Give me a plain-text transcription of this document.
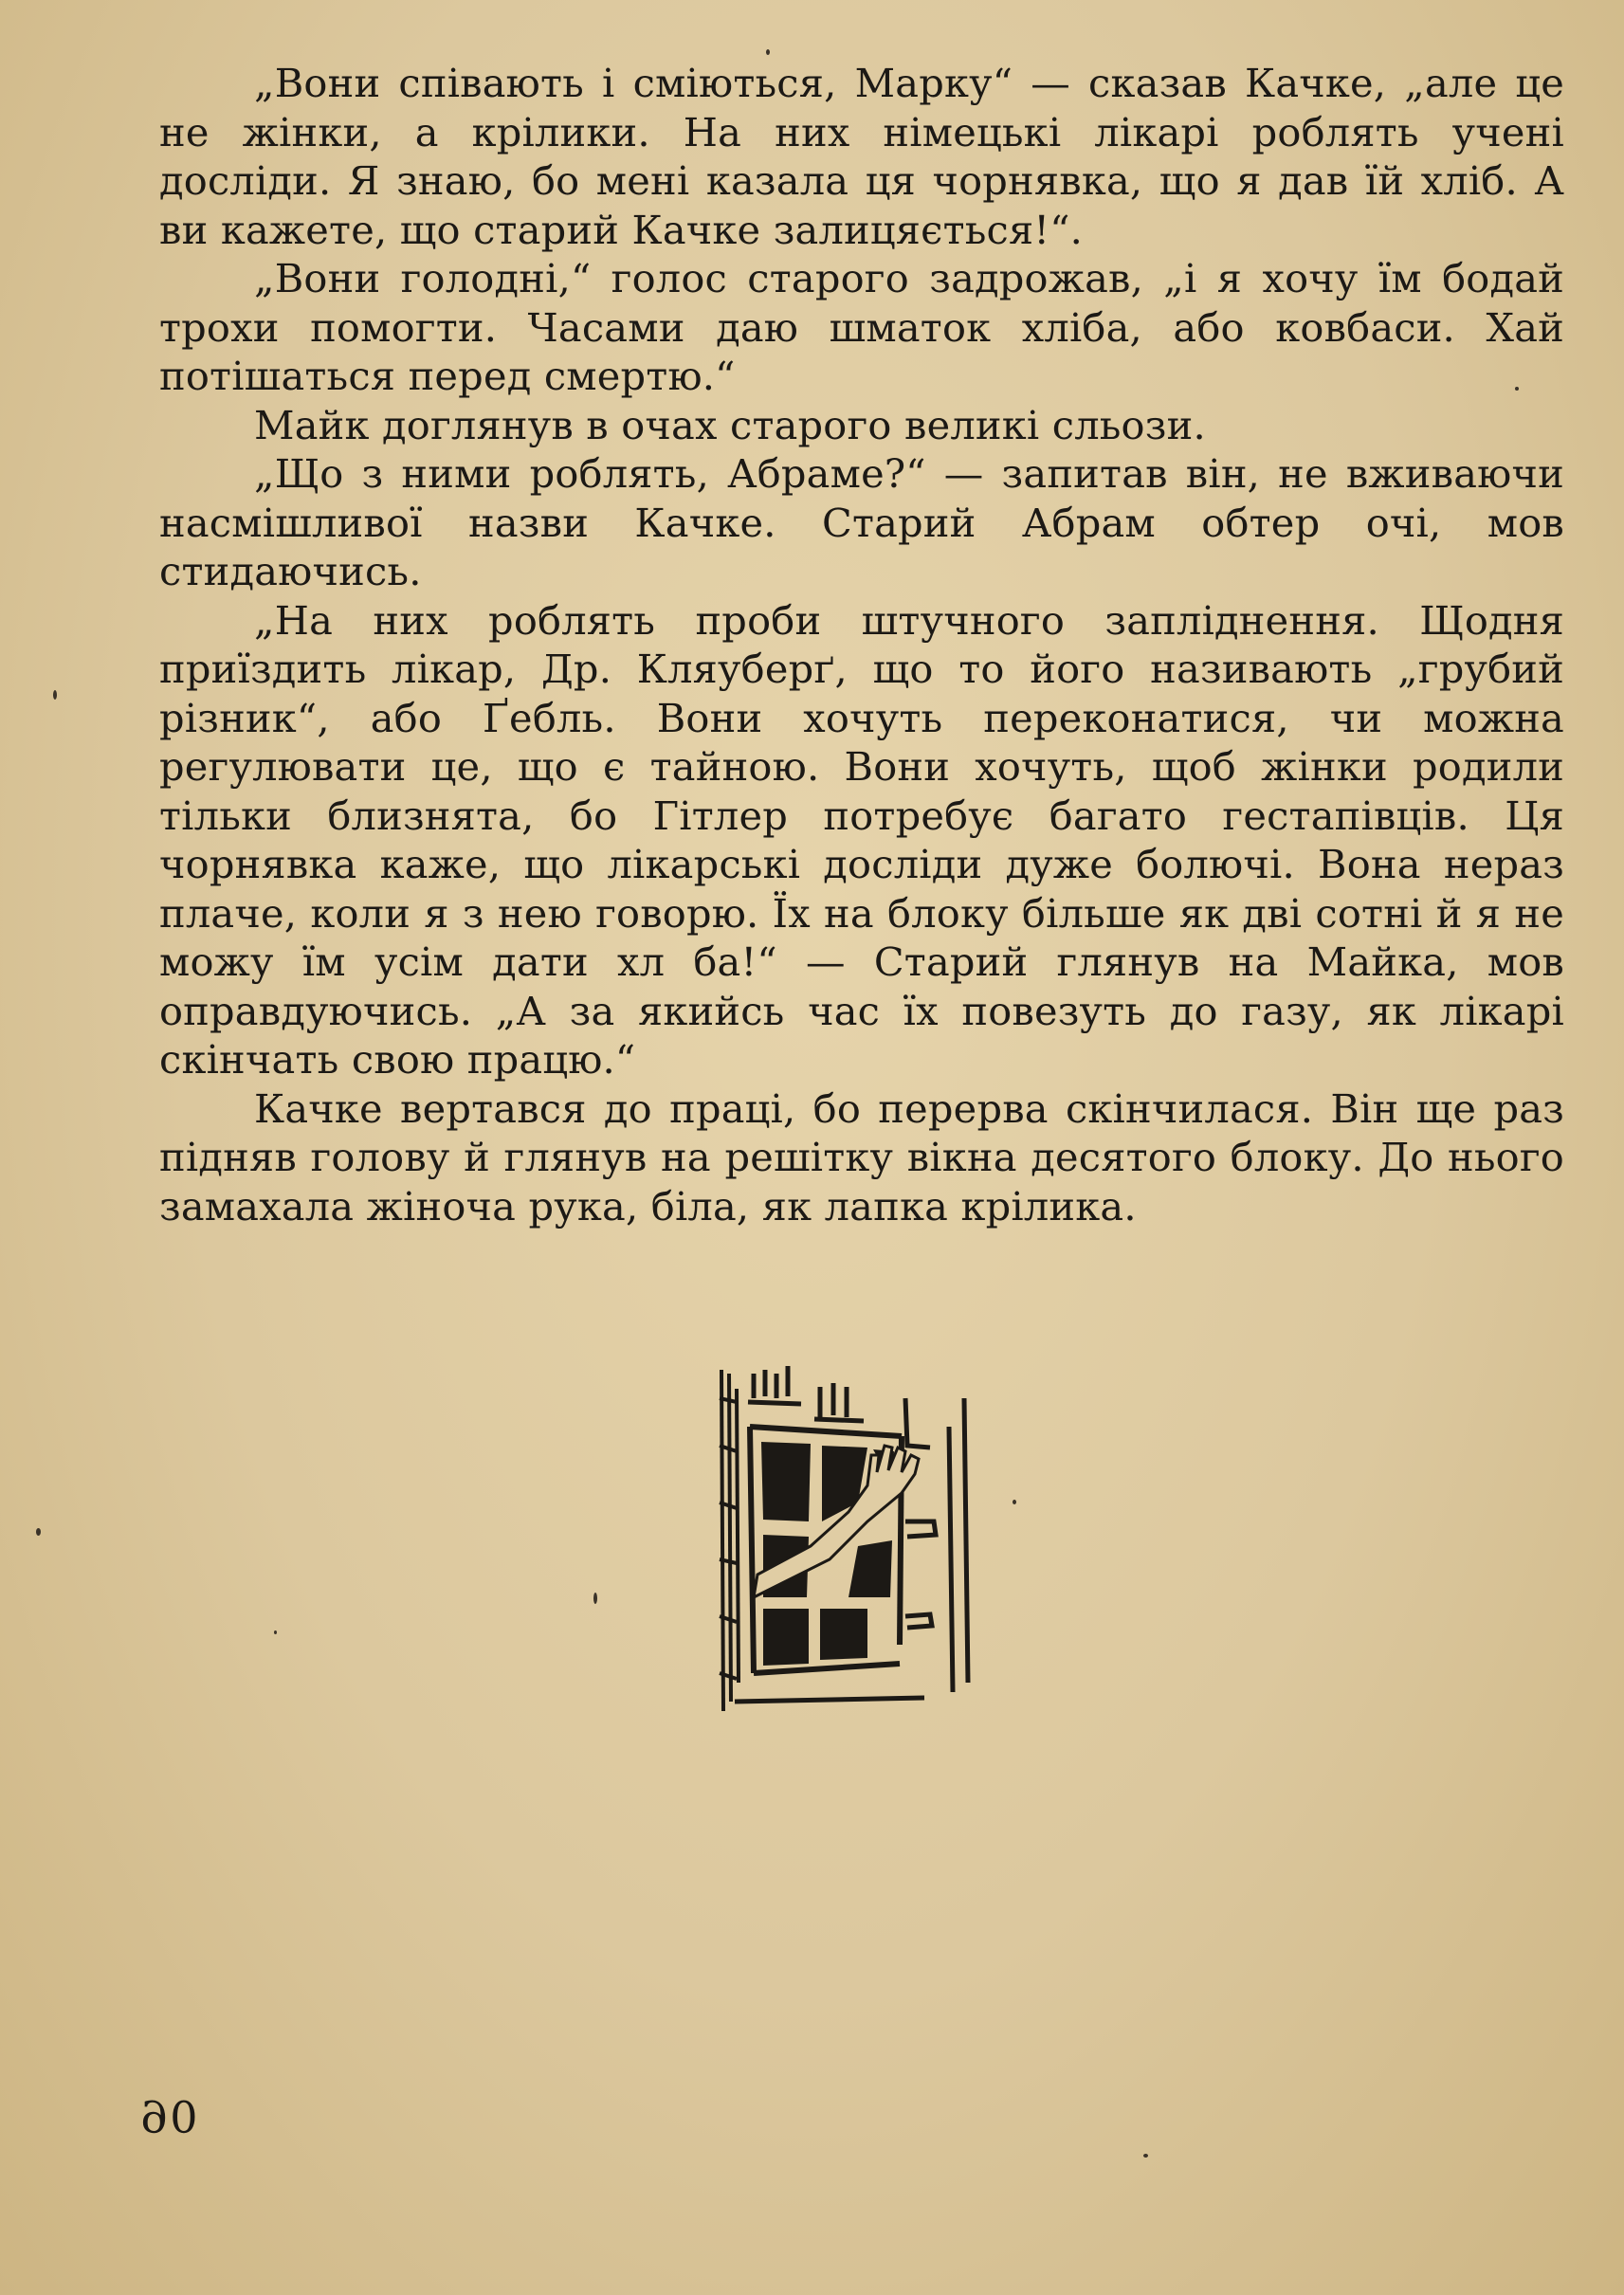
„Вони співають і сміються, Марку“ — сказав Качке, „але це не жінки, а крілики. На них німецькі лікарі роблять учені досліди. Я знаю, бо мені казала ця чорнявка, що я дав їй хліб. А ви кажете, що старий Качке залицяється!“.

„Вони голодні,“ голос старого задрожав, „і я хочу їм бодай трохи помогти. Часами даю шматок хліба, або ковбаси. Хай потішаться перед смертю.“

Майк доглянув в очах старого великі сльози.

„Що з ними роблять, Абраме?“ — запитав він, не вживаючи насмішливої назви Качке. Старий Абрам обтер очі, мов стидаючись.

„На них роблять проби штучного запліднення. Щодня приїздить лікар, Др. Кляуберґ, що то його називають „грубий різник“, або Ґебль. Вони хочуть переконатися, чи можна регулювати це, що є тайною. Вони хочуть, щоб жінки родили тільки близнята, бо Гітлер потребує багато гестапівців. Ця чорнявка каже, що лікарські досліди дуже болючі. Вона нераз плаче, коли я з нею говорю. Їх на блоку більше як дві сотні й я не можу їм усім дати хл ба!“ — Старий глянув на Майка, мов оправдуючись. „А за якийсь час їх повезуть до газу, як лікарі скінчать свою працю.“

Качке вертався до праці, бо перерва скінчилася. Він ще раз підняв голову й глянув на решітку вікна десятого блоку. До нього замахала жіноча рука, біла, як лапка крілика.

90
